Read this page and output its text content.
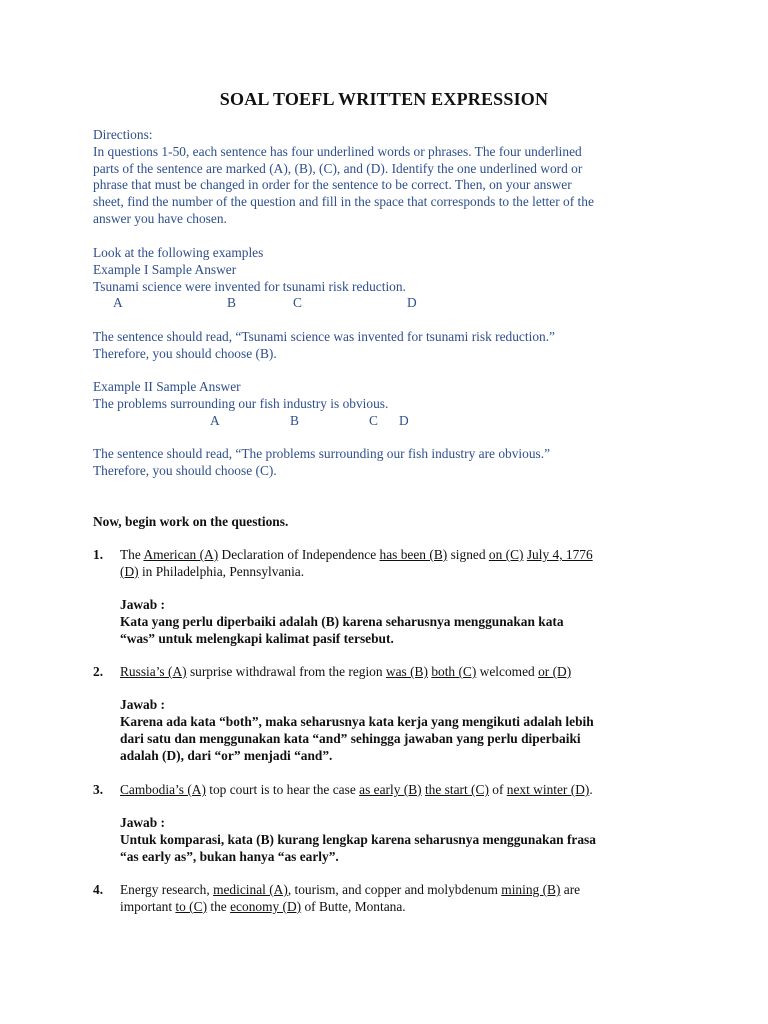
SOAL TOEFL WRITTEN EXPRESSION
Directions:
In questions 1-50, each sentence has four underlined words or phrases. The four underlined
parts of the sentence are marked (A), (B), (C), and (D). Identify the one underlined word or
phrase that must be changed in order for the sentence to be correct. Then, on your answer
sheet, find the number of the question and fill in the space that corresponds to the letter of the
answer you have chosen.
Look at the following examples
Example I Sample Answer
Tsunami science were invented for tsunami risk reduction.
A	B	C	D
The sentence should read, “Tsunami science was invented for tsunami risk reduction.”
Therefore, you should choose (B).
Example II Sample Answer
The problems surrounding our fish industry is obvious.
A	B	C D
The sentence should read, “The problems surrounding our fish industry are obvious.”
Therefore, you should choose (C).
Now, begin work on the questions.
1. The American (A) Declaration of Independence has been (B) signed on (C) July 4, 1776
(D) in Philadelphia, Pennsylvania.
Jawab :
Kata yang perlu diperbaiki adalah (B) karena seharusnya menggunakan kata
“was” untuk melengkapi kalimat pasif tersebut.
2. Russia’s (A) surprise withdrawal from the region was (B) both (C) welcomed or (D)
Jawab :
Karena ada kata “both”, maka seharusnya kata kerja yang mengikuti adalah lebih
dari satu dan menggunakan kata “and” sehingga jawaban yang perlu diperbaiki
adalah (D), dari “or” menjadi “and”.
3. Cambodia’s (A) top court is to hear the case as early (B) the start (C) of next winter (D).
Jawab :
Untuk komparasi, kata (B) kurang lengkap karena seharusnya menggunakan frasa
“as early as”, bukan hanya “as early”.
4. Energy research, medicinal (A), tourism, and copper and molybdenum mining (B) are
important to (C) the economy (D) of Butte, Montana.
